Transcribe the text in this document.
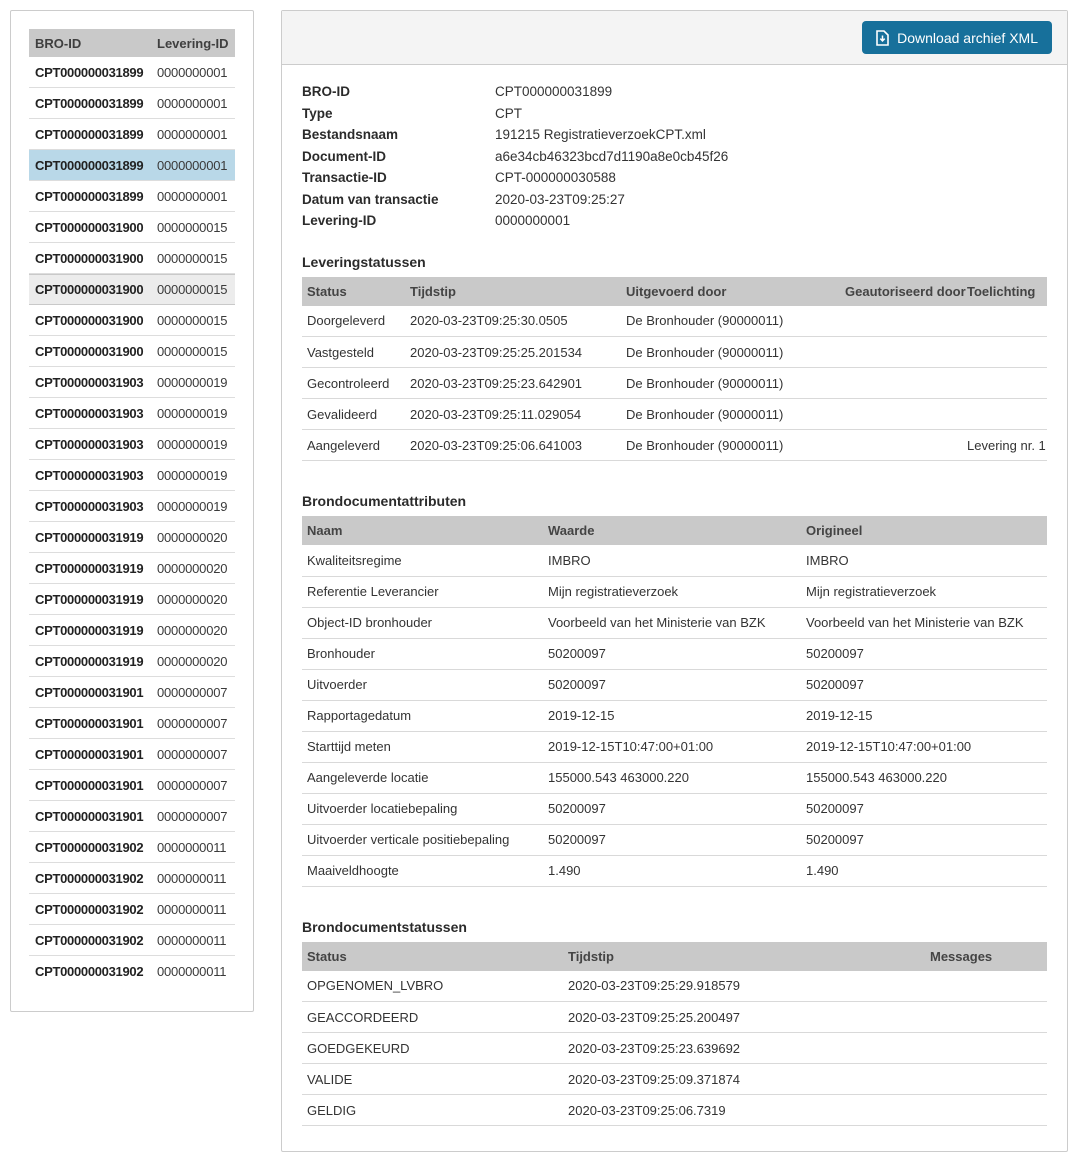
BRO-ID	Levering-ID
CPT000000031899	0000000001
CPT000000031899	0000000001
CPT000000031899	0000000001
CPT000000031899	0000000001
CPT000000031899	0000000001
CPT000000031900	0000000015
CPT000000031900	0000000015
CPT000000031900	0000000015
CPT000000031900	0000000015
CPT000000031900	0000000015
CPT000000031903	0000000019
CPT000000031903	0000000019
CPT000000031903	0000000019
CPT000000031903	0000000019
CPT000000031903	0000000019
CPT000000031919	0000000020
CPT000000031919	0000000020
CPT000000031919	0000000020
CPT000000031919	0000000020
CPT000000031919	0000000020
CPT000000031901	0000000007
CPT000000031901	0000000007
CPT000000031901	0000000007
CPT000000031901	0000000007
CPT000000031901	0000000007
CPT000000031902	0000000011
CPT000000031902	0000000011
CPT000000031902	0000000011
CPT000000031902	0000000011
CPT000000031902	0000000011
Download archief XML
BRO-ID	CPT000000031899
Type	CPT
Bestandsnaam	191215 RegistratieverzoekCPT.xml
Document-ID	a6e34cb46323bcd7d1190a8e0cb45f26
Transactie-ID	CPT-000000030588
Datum van transactie	2020-03-23T09:25:27
Levering-ID	0000000001
Leveringstatussen
Status	Tijdstip	Uitgevoerd door	Geautoriseerd door	Toelichting
Doorgeleverd	2020-03-23T09:25:30.0505	De Bronhouder (90000011)		
Vastgesteld	2020-03-23T09:25:25.201534	De Bronhouder (90000011)		
Gecontroleerd	2020-03-23T09:25:23.642901	De Bronhouder (90000011)		
Gevalideerd	2020-03-23T09:25:11.029054	De Bronhouder (90000011)		
Aangeleverd	2020-03-23T09:25:06.641003	De Bronhouder (90000011)		Levering nr. 1
Brondocumentattributen
Naam	Waarde	Origineel
Kwaliteitsregime	IMBRO	IMBRO
Referentie Leverancier	Mijn registratieverzoek	Mijn registratieverzoek
Object-ID bronhouder	Voorbeeld van het Ministerie van BZK	Voorbeeld van het Ministerie van BZK
Bronhouder	50200097	50200097
Uitvoerder	50200097	50200097
Rapportagedatum	2019-12-15	2019-12-15
Starttijd meten	2019-12-15T10:47:00+01:00	2019-12-15T10:47:00+01:00
Aangeleverde locatie	155000.543 463000.220	155000.543 463000.220
Uitvoerder locatiebepaling	50200097	50200097
Uitvoerder verticale positiebepaling	50200097	50200097
Maaiveldhoogte	1.490	1.490
Brondocumentstatussen
Status	Tijdstip	Messages
OPGENOMEN_LVBRO	2020-03-23T09:25:29.918579	
GEACCORDEERD	2020-03-23T09:25:25.200497	
GOEDGEKEURD	2020-03-23T09:25:23.639692	
VALIDE	2020-03-23T09:25:09.371874	
GELDIG	2020-03-23T09:25:06.7319	
